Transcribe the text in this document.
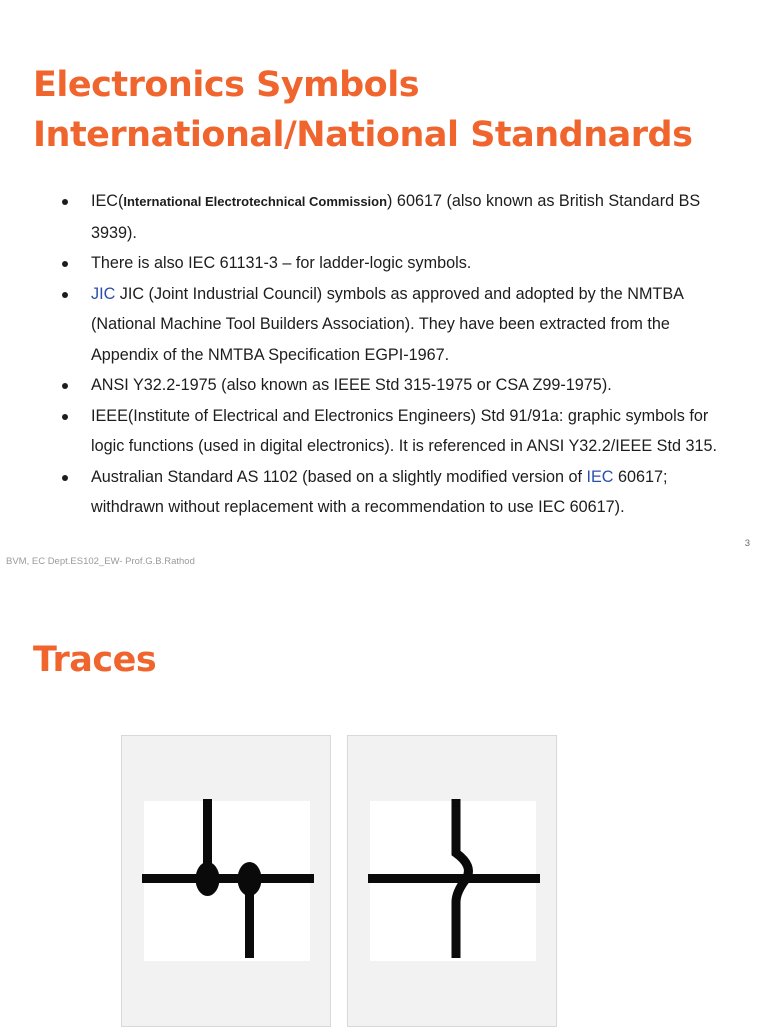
Electronics Symbols
International/National Standnards
IEC(International Electrotechnical Commission) 60617 (also known as British Standard BS 3939).
There is also IEC 61131-3 – for ladder-logic symbols.
JIC JIC (Joint Industrial Council) symbols as approved and adopted by the NMTBA (National Machine Tool Builders Association). They have been extracted from the Appendix of the NMTBA Specification EGPI-1967.
ANSI Y32.2-1975 (also known as IEEE Std 315-1975 or CSA Z99-1975).
IEEE(Institute of Electrical and Electronics Engineers) Std 91/91a: graphic symbols for logic functions (used in digital electronics). It is referenced in ANSI Y32.2/IEEE Std 315.
Australian Standard AS 1102 (based on a slightly modified version of IEC 60617; withdrawn without replacement with a recommendation to use IEC 60617).
BVM, EC Dept.ES102_EW- Prof.G.B.Rathod
3
Traces
